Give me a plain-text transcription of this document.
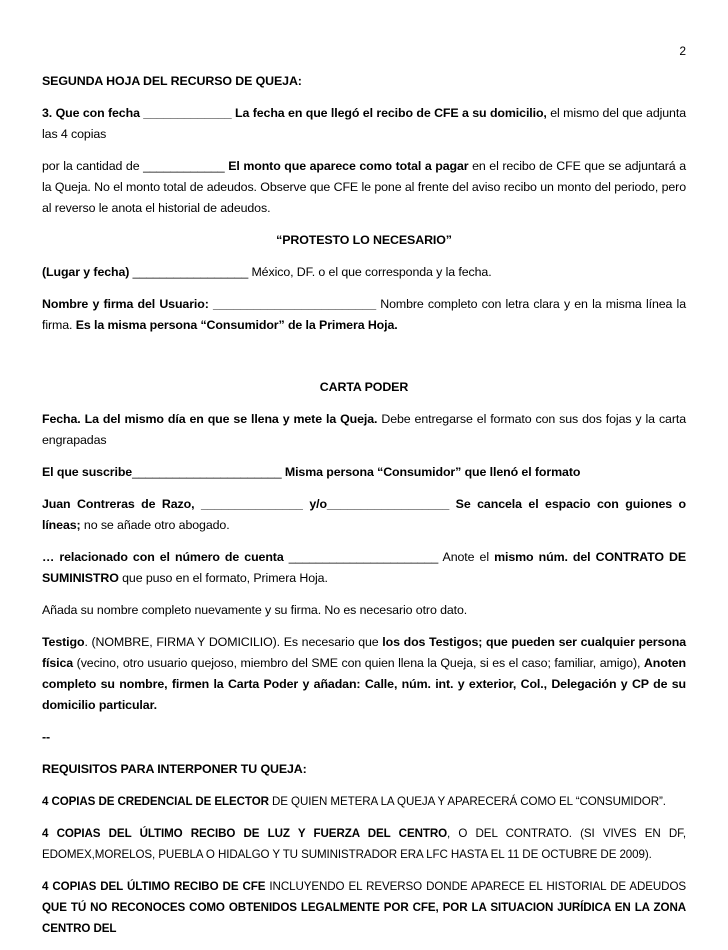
2

SEGUNDA HOJA DEL RECURSO DE QUEJA:

3. Que con fecha _____________ La fecha en que llegó el recibo de CFE a su domicilio, el mismo del que adjunta las 4 copias

por la cantidad de ____________ El monto que aparece como total a pagar en el recibo de CFE que se adjuntará a la Queja. No el monto total de adeudos. Observe que CFE le pone al frente del aviso recibo un monto del periodo, pero al reverso le anota el historial de adeudos.

“PROTESTO LO NECESARIO”

(Lugar y fecha) _________________ México, DF. o el que corresponda y la fecha.

Nombre y firma del Usuario: ________________________ Nombre completo con letra clara y en la misma línea la firma. Es la misma persona “Consumidor” de la Primera Hoja.

CARTA PODER

Fecha. La del mismo día en que se llena y mete la Queja. Debe entregarse el formato con sus dos fojas y la carta engrapadas

El que suscribe______________________ Misma persona “Consumidor” que llenó el formato

Juan Contreras de Razo, _______________ y/o__________________ Se cancela el espacio con guiones o líneas; no se añade otro abogado.

… relacionado con el número de cuenta ______________________ Anote el mismo núm. del CONTRATO DE SUMINISTRO que puso en el formato, Primera Hoja.

Añada su nombre completo nuevamente y su firma. No es necesario otro dato.

Testigo. (NOMBRE, FIRMA Y DOMICILIO). Es necesario que los dos Testigos; que pueden ser cualquier persona física (vecino, otro usuario quejoso, miembro del SME con quien llena la Queja, si es el caso; familiar, amigo), Anoten completo su nombre, firmen la Carta Poder y añadan: Calle, núm. int. y exterior, Col., Delegación y CP de su domicilio particular.

--

REQUISITOS PARA INTERPONER TU QUEJA:

4 COPIAS DE CREDENCIAL DE ELECTOR DE QUIEN METERA LA QUEJA Y APARECERÁ COMO EL “CONSUMIDOR”.

4 COPIAS DEL ÚLTIMO RECIBO DE LUZ Y FUERZA DEL CENTRO, O DEL CONTRATO. (SI VIVES EN DF, EDOMEX,MORELOS, PUEBLA O HIDALGO Y TU SUMINISTRADOR ERA LFC HASTA EL 11 DE OCTUBRE DE 2009).

4 COPIAS DEL ÚLTIMO RECIBO DE CFE INCLUYENDO EL REVERSO DONDE APARECE EL HISTORIAL DE ADEUDOS QUE TÚ NO RECONOCES COMO OBTENIDOS LEGALMENTE POR CFE, POR LA SITUACION JURÍDICA EN LA ZONA CENTRO DEL
